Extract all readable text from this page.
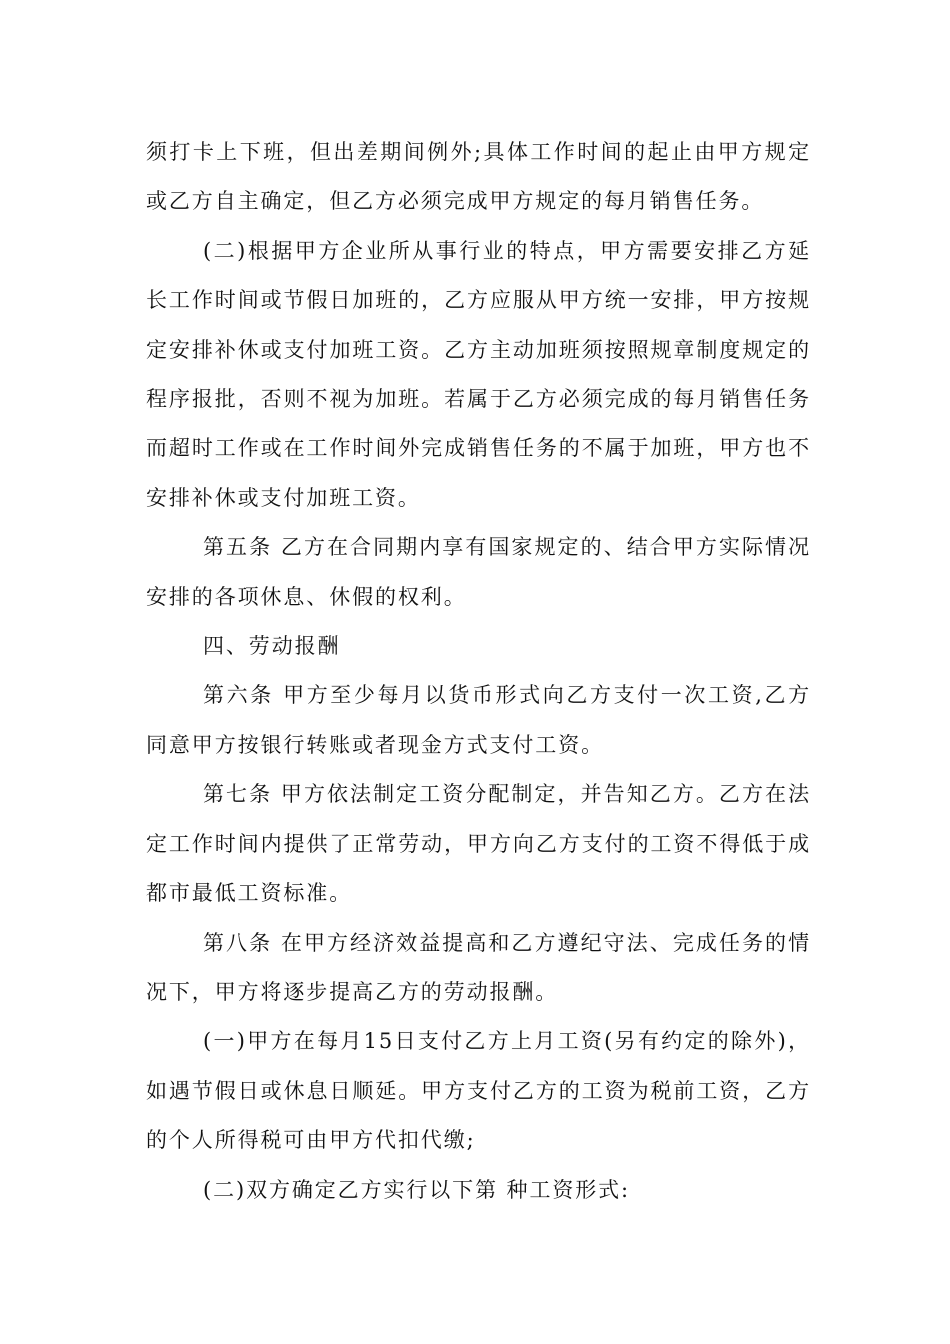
须打卡上下班，但出差期间例外;具体工作时间的起止由甲方规定或乙方自主确定，但乙方必须完成甲方规定的每月销售任务。

(二)根据甲方企业所从事行业的特点，甲方需要安排乙方延长工作时间或节假日加班的，乙方应服从甲方统一安排，甲方按规定安排补休或支付加班工资。乙方主动加班须按照规章制度规定的程序报批，否则不视为加班。若属于乙方必须完成的每月销售任务而超时工作或在工作时间外完成销售任务的不属于加班，甲方也不安排补休或支付加班工资。

第五条 乙方在合同期内享有国家规定的、结合甲方实际情况安排的各项休息、休假的权利。

四、劳动报酬

第六条 甲方至少每月以货币形式向乙方支付一次工资,乙方同意甲方按银行转账或者现金方式支付工资。

第七条 甲方依法制定工资分配制定，并告知乙方。乙方在法定工作时间内提供了正常劳动，甲方向乙方支付的工资不得低于成都市最低工资标准。

第八条 在甲方经济效益提高和乙方遵纪守法、完成任务的情况下，甲方将逐步提高乙方的劳动报酬。

(一)甲方在每月15日支付乙方上月工资(另有约定的除外)，如遇节假日或休息日顺延。甲方支付乙方的工资为税前工资，乙方的个人所得税可由甲方代扣代缴;

(二)双方确定乙方实行以下第 种工资形式:
